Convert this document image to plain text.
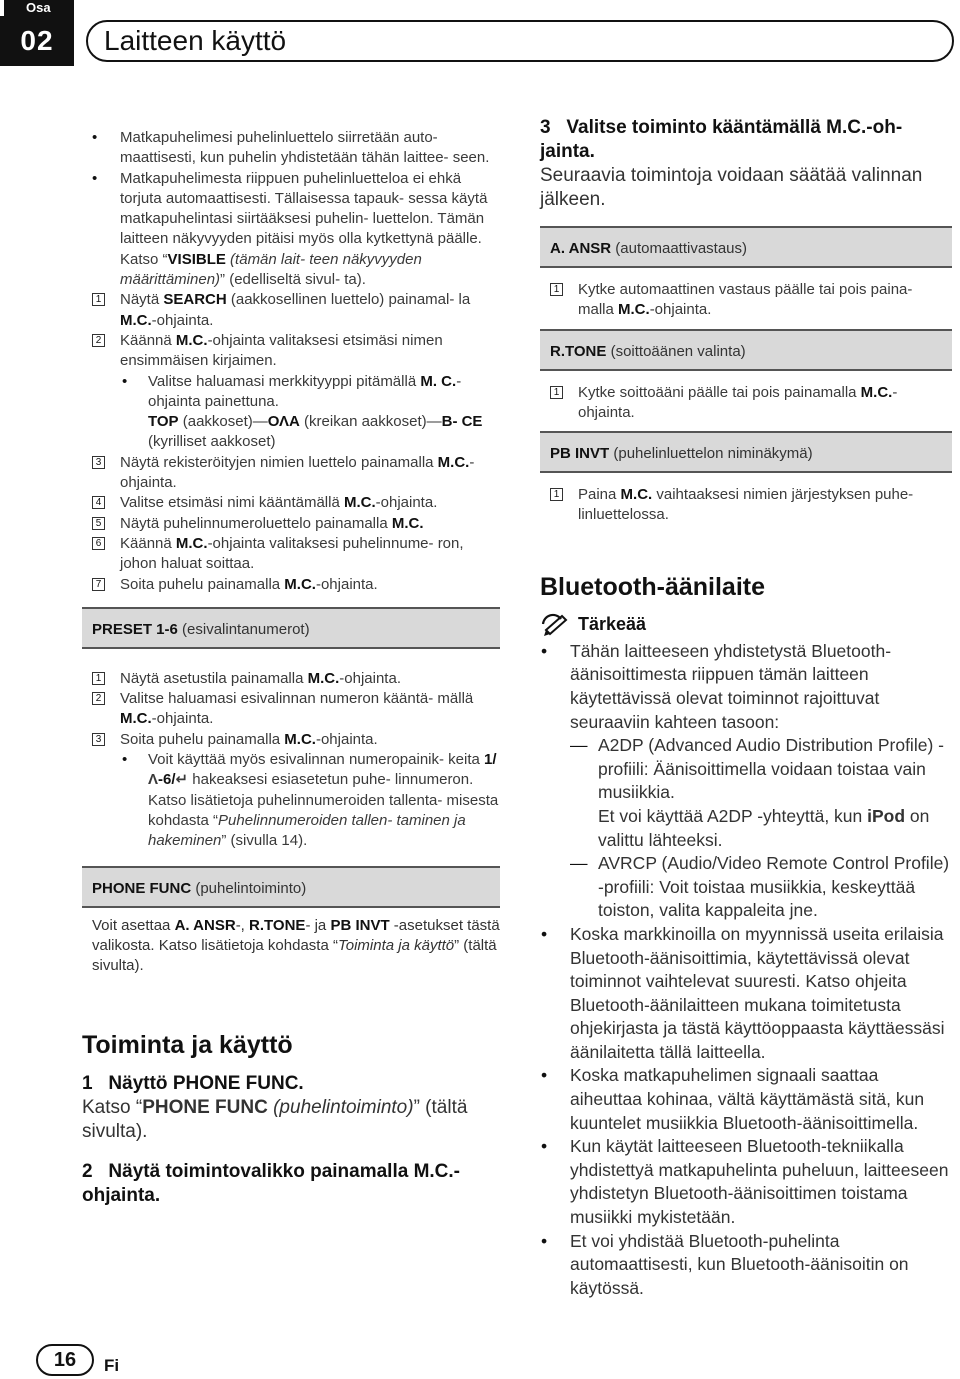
Osa
02	Laitteen käyttö

• Matkapuhelimesi puhelinluettelo siirretään auto- maattisesti, kun puhelin yhdistetään tähän laittee- seen.

• Matkapuhelimesta riippuen puhelinluetteloa ei ehkä torjuta automaattisesti. Tällaisessa tapauk- sessa käytä matkapuhelintasi siirtääksesi puhelin- luettelon. Tämän laitteen näkyvyyden pitäisi myös olla kytkettynä päälle. Katso “VISIBLE (tämän lait- teen näkyvyyden määrittäminen)” (edelliseltä sivul- ta).

1 Näytä SEARCH (aakkosellinen luettelo) painamal- la M.C.-ohjainta.

2 Käännä M.C.-ohjainta valitaksesi etsimäsi nimen ensimmäisen kirjaimen.

• Valitse haluamasi merkkityyppi pitämällä M. C.-ohjainta painettuna.

TOP (aakkoset)—ΟΛΑ (kreikan aakkoset)—B- CE (kyrilliset aakkoset)

3 Näytä rekisteröityjen nimien luettelo painamalla M.C.-ohjainta.

4 Valitse etsimäsi nimi kääntämällä M.C.-ohjainta.

5 Näytä puhelinnumeroluettelo painamalla M.C.

6 Käännä M.C.-ohjainta valitaksesi puhelinnume- ron, johon haluat soittaa.

7 Soita puhelu painamalla M.C.-ohjainta.

PRESET 1-6 (esivalintanumerot)

1 Näytä asetustila painamalla M.C.-ohjainta.

2 Valitse haluamasi esivalinnan numeron kääntä- mällä M.C.-ohjainta.

3 Soita puhelu painamalla M.C.-ohjainta.

• Voit käyttää myös esivalinnan numeropainik- keita 1/Λ-6/↵ hakeaksesi esiasetetun puhe- linnumeron.

Katso lisätietoja puhelinnumeroiden tallenta- misesta kohdasta “Puhelinnumeroiden tallen- taminen ja hakeminen” (sivulla 14).

PHONE FUNC (puhelintoiminto)

Voit asettaa A. ANSR-, R.TONE- ja PB INVT -asetukset tästä valikosta. Katso lisätietoja kohdasta “Toiminta ja käyttö” (tältä sivulta).

Toiminta ja käyttö

1 Näyttö PHONE FUNC.

Katso “PHONE FUNC (puhelintoiminto)” (tältä sivulta).

2 Näytä toimintovalikko painamalla M.C.- ohjainta.

3 Valitse toiminto kääntämällä M.C.-oh- jainta.

Seuraavia toimintoja voidaan säätää valinnan jälkeen.

A. ANSR (automaattivastaus)

1 Kytke automaattinen vastaus päälle tai pois paina- malla M.C.-ohjainta.

R.TONE (soittoäänen valinta)

1 Kytke soittoääni päälle tai pois painamalla M.C.- ohjainta.

PB INVT (puhelinluettelon niminäkymä)

1 Paina M.C. vaihtaaksesi nimien järjestyksen puhe- linluettelossa.

Bluetooth-äänilaite
Tärkeää

• Tähän laitteeseen yhdistetystä Bluetooth-äänisoittimesta riippuen tämän laitteen käytettävissä olevat toiminnot rajoittuvat seuraaviin kahteen tasoon:

— A2DP (Advanced Audio Distribution Profile) -profiili: Äänisoittimella voidaan toistaa vain musiikkia.

Et voi käyttää A2DP -yhteyttä, kun iPod on valittu lähteeksi.

— AVRCP (Audio/Video Remote Control Profile) -profiili: Voit toistaa musiikkia, keskeyttää toiston, valita kappaleita jne.

• Koska markkinoilla on myynnissä useita erilaisia Bluetooth-äänisoittimia, käytettävissä olevat toiminnot vaihtelevat suuresti. Katso ohjeita Bluetooth-äänilaitteen mukana toimitetusta ohjekirjasta ja tästä käyttöoppaasta käyttäessäsi äänilaitetta tällä laitteella.

• Koska matkapuhelimen signaali saattaa aiheuttaa kohinaa, vältä käyttämästä sitä, kun kuuntelet musiikkia Bluetooth-äänisoittimella.

• Kun käytät laitteeseen Bluetooth-tekniikalla yhdistettyä matkapuhelinta puheluun, laitteeseen yhdistetyn Bluetooth-äänisoittimen toistama musiikki mykistetään.

• Et voi yhdistää Bluetooth-puhelinta automaattisesti, kun Bluetooth-äänisoitin on käytössä.

16	Fi
